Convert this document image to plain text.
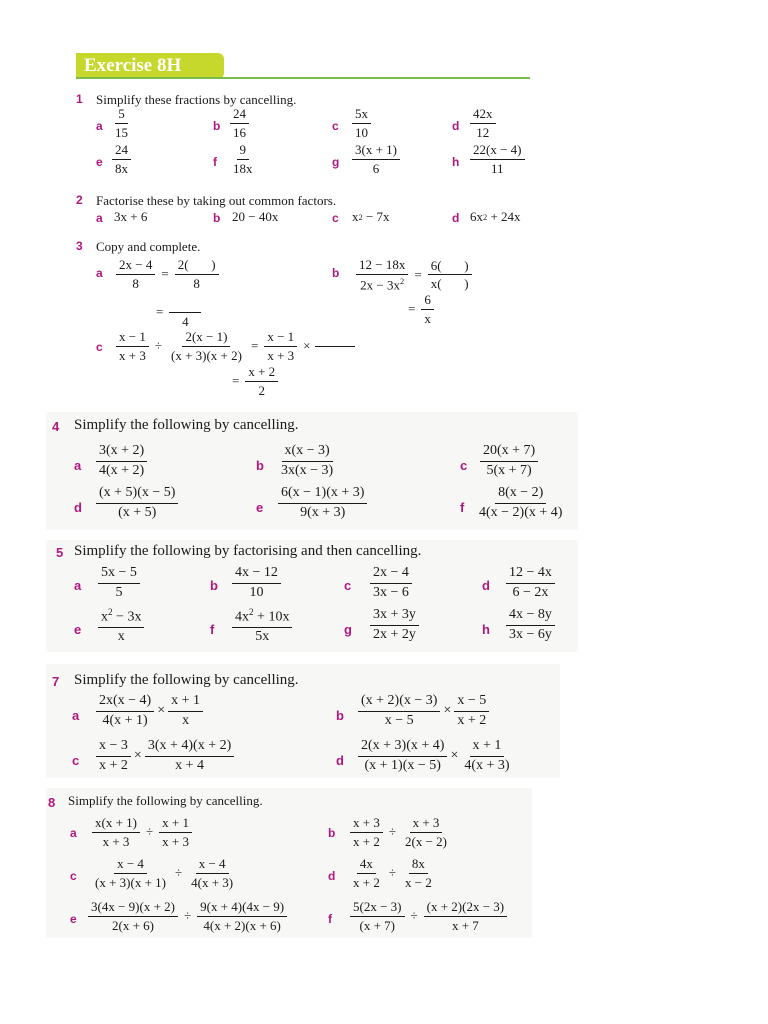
Exercise 8H
1 Simplify these fractions by cancelling.
a $\frac{5}{15}$	b $\frac{24}{16}$	c $\frac{5x}{10}$	d $\frac{42x}{12}$
e $\frac{24}{8x}$	f $\frac{9}{18x}$	g $\frac{3(x + 1)}{6}$	h $\frac{22(x - 4)}{11}$
2 Factorise these by taking out common factors.
a 3x + 6	b 20 − 40x	c x 2 − 7x	d 6x 2 + 24x
3 Copy and complete.
a $\frac{2x - 4}{8} = \frac{2( )}{8}$
=
4
b $\frac{12 - 18x}{2x - 3x^2} = \frac{6( )}{x( )}$
= $\frac{6}{x}$
c $\frac{x - 1}{x + 3} \div \frac{2(x - 1)}{(x + 3)(x + 2)} = \frac{x - 1}{x + 3}$ ×
= $\frac{x + 2}{2}$
4 Simplify the following by cancelling.
a $\frac{3(x + 2)}{4(x + 2)}$	b $\frac{x(x - 3)}{3x(x - 3)}$	c $\frac{20(x + 7)}{5(x + 7)}$
d $\frac{(x + 5)(x - 5)}{(x + 5)}$	e $\frac{6(x - 1)(x + 3)}{9(x + 3)}$	f $\frac{8(x - 2)}{4(x - 2)(x + 4)}$
5 Simplify the following by factorising and then cancelling.
a $\frac{5x - 5}{5}$	b $\frac{4x - 12}{10}$	c $\frac{2x - 4}{3x - 6}$	d $\frac{12 - 4x}{6 - 2x}$
e $\frac{x^2 - 3x}{x}$	f $\frac{4x^2 + 10x}{5x}$	g $\frac{3x + 3y}{2x + 2y}$	h $\frac{4x - 8y}{3x - 6y}$
7 Simplify the following by cancelling.
a $\frac{2x(x - 4)}{4(x + 1)} \times \frac{x + 1}{x}$	b $\frac{(x + 2)(x - 3)}{x - 5} \times \frac{x - 5}{x + 2}$
c $\frac{x - 3}{x + 2} \times \frac{3(x + 4)(x + 2)}{x + 4}$	d $\frac{2(x + 3)(x + 4)}{(x + 1)(x - 5)} \times \frac{x + 1}{4(x + 3)}$
8 Simplify the following by cancelling.
a $\frac{x(x + 1)}{x + 3} \div \frac{x + 1}{x + 3}$	b $\frac{x + 3}{x + 2} \div \frac{x + 3}{2(x - 2)}$
c $\frac{x - 4}{(x + 3)(x + 1)} \div \frac{x - 4}{4(x + 3)}$	d $\frac{4x}{x + 2} \div \frac{8x}{x - 2}$
e $\frac{3(4x - 9)(x + 2)}{2(x + 6)} \div \frac{9(x + 4)(4x - 9)}{4(x + 2)(x + 6)}$	f $\frac{5(2x - 3)}{(x + 7)} \div \frac{(x + 2)(2x - 3)}{x + 7}$
